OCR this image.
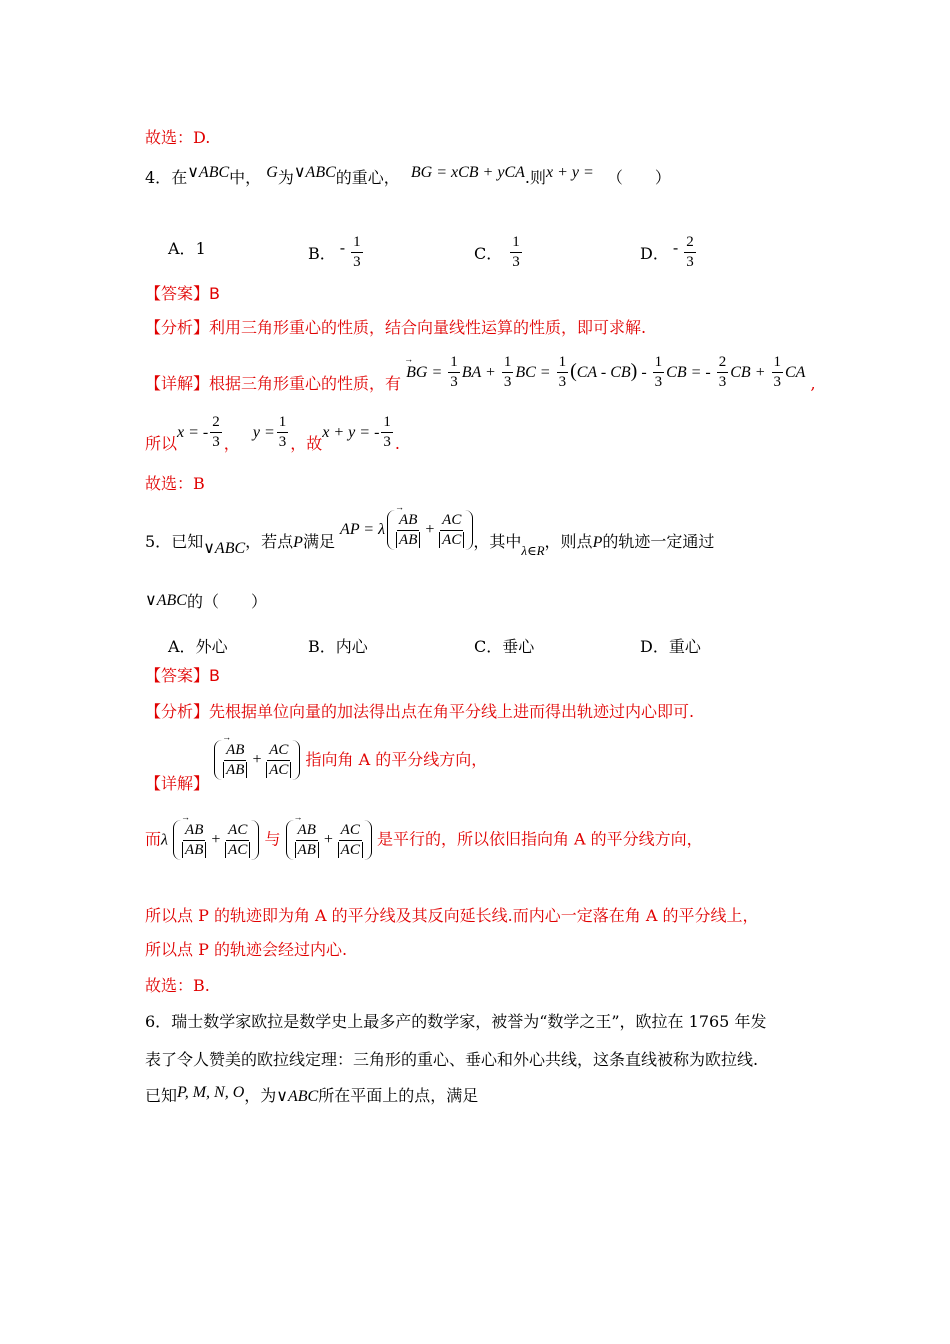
故选：D.
4．在∨ABC中， G为∨ABC的重心， BG = xCB + yCA.则x + y = （　　）
A．1	B． - $\frac{1}{3}$	C． $\frac{1}{3}$	D． - $\frac{2}{3}$
【答案】B
【分析】利用三角形重心的性质，结合向量线性运算的性质，即可求解.
【详解】根据三角形重心的性质，有 → BG = $\frac{1}{3}$ BA + $\frac{1}{3}$ BC = $\frac{1}{3} (CA - CB) - \frac{1}{3}$ CB = - $\frac{2}{3}$ CB + $\frac{1}{3}$ CA ,
所以x = - $\frac{2}{3}$ ， $y = \frac{1}{3}$ ，故x + y = - $\frac{1}{3}$ .
故选：B
5．已知∨ABC，若点P满足
AP = λ
→ $\frac{AB}{AB} + \frac{AC}{AC}$ ，其中$_{\lambda\in R}$，则点P的轨迹一定通过
∨ABC的（　　）
A．外心	B．内心	C．垂心	D．重心
【答案】B
【分析】先根据单位向量的加法得出点在角平分线上进而得出轨迹过内心即可.
【详解】
→ $\frac{AB}{AB} + \frac{AC}{AC}$ 指向角 A 的平分线方向，
而λ
→ $\frac{AB}{AB} + \frac{AC}{AC}$ 与
→ $\frac{AB}{AB} + \frac{AC}{AC}$ 是平行的，所以依旧指向角 A 的平分线方向，
所以点 P 的轨迹即为角 A 的平分线及其反向延长线.而内心一定落在角 A 的平分线上，
所以点 P 的轨迹会经过内心.
故选：B.
6．瑞士数学家欧拉是数学史上最多产的数学家，被誉为“数学之王”，欧拉在 1765 年发
表了令人赞美的欧拉线定理：三角形的重心、垂心和外心共线，这条直线被称为欧拉线.
已知P, M, N, O，为∨ABC所在平面上的点，满足
